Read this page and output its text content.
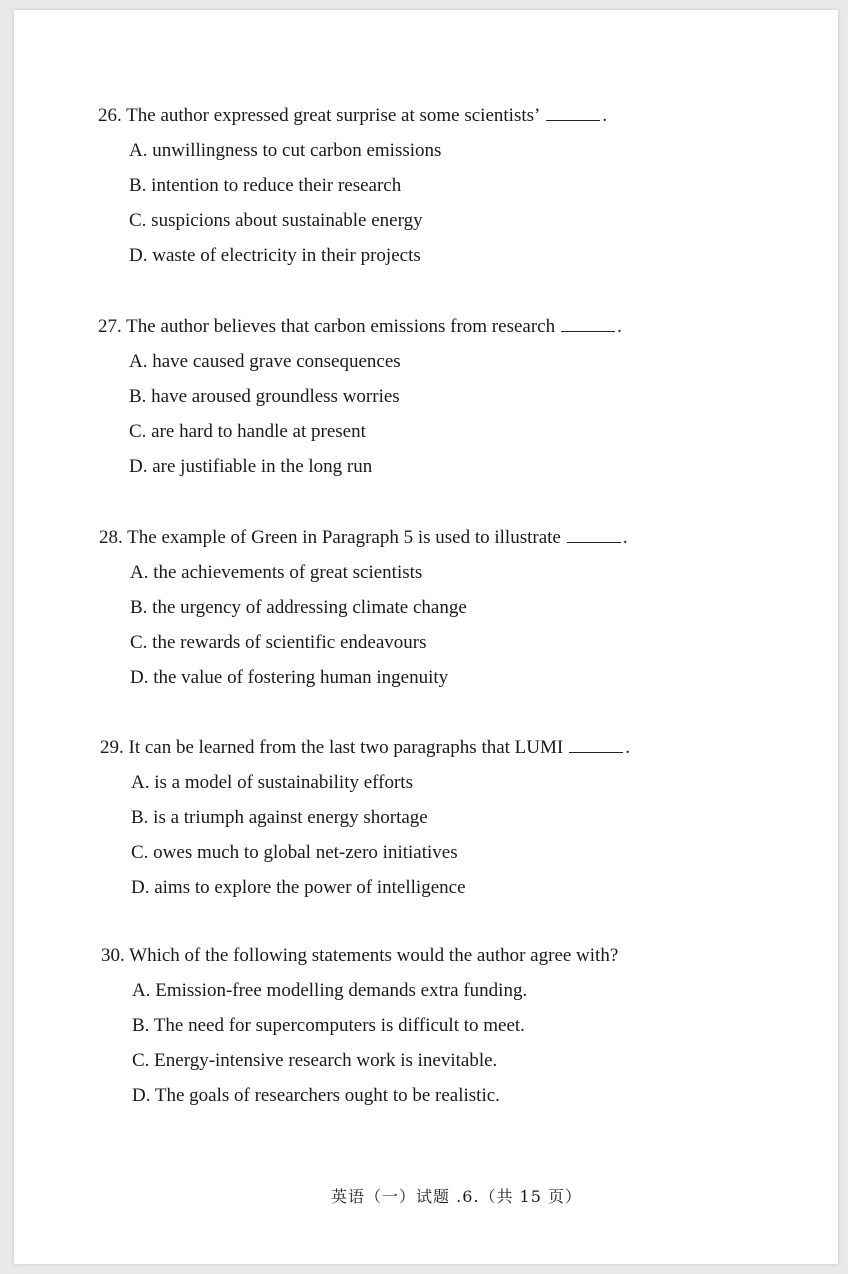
26. The author expressed great surprise at some scientists’	.
A. unwillingness to cut carbon emissions
B. intention to reduce their research
C. suspicions about sustainable energy
D. waste of electricity in their projects
27. The author believes that carbon emissions from research	.
A. have caused grave consequences
B. have aroused groundless worries
C. are hard to handle at present
D. are justifiable in the long run
28. The example of Green in Paragraph 5 is used to illustrate	.
A. the achievements of great scientists
B. the urgency of addressing climate change
C. the rewards of scientific endeavours
D. the value of fostering human ingenuity
29. It can be learned from the last two paragraphs that LUMI	.
A. is a model of sustainability efforts
B. is a triumph against energy shortage
C. owes much to global net-zero initiatives
D. aims to explore the power of intelligence
30. Which of the following statements would the author agree with?
A. Emission-free modelling demands extra funding.
B. The need for supercomputers is difficult to meet.
C. Energy-intensive research work is inevitable.
D. The goals of researchers ought to be realistic.
英语（一）试题 .6.（共 15 页）
